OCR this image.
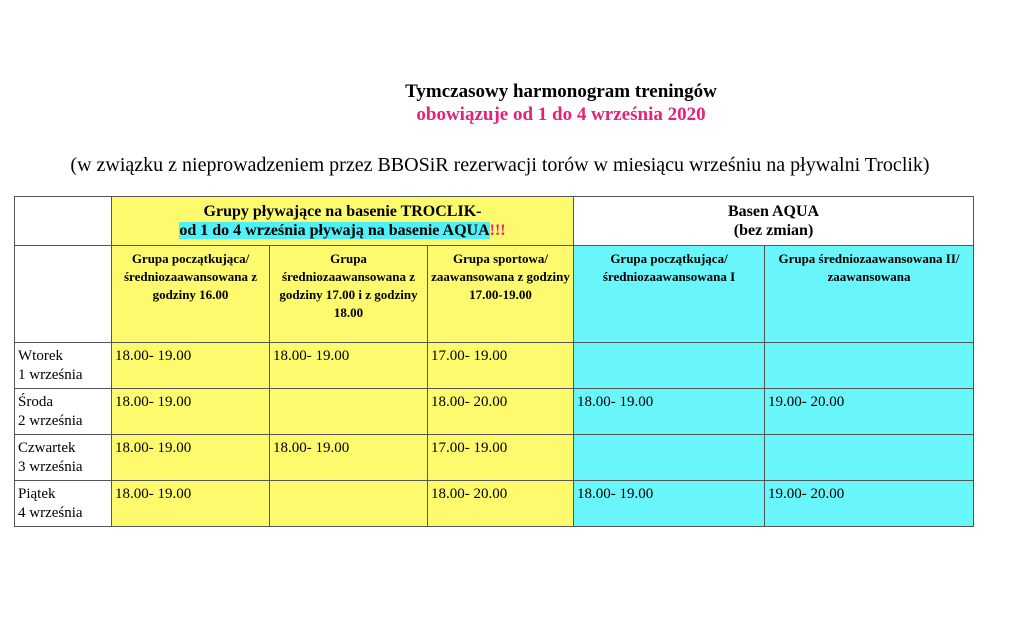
Tymczasowy harmonogram treningów
obowiązuje od 1 do 4 września 2020
(w związku z nieprowadzeniem przez BBOSiR rezerwacji torów w miesiącu wrześniu na pływalni Troclik)
	Grupy pływające na basenie TROCLIK-
od 1 do 4 września pływają na basenie AQUA!!!			Basen AQUA
(bez zmian)	
	Grupa początkująca/ średniozaawansowana z godziny 16.00	Grupa średniozaawansowana z godziny 17.00 i z godziny 18.00	Grupa sportowa/ zaawansowana z godziny 17.00-19.00	Grupa początkująca/ średniozaawansowana I	Grupa średniozaawansowana II/ zaawansowana
Wtorek
1 września	18.00- 19.00	18.00- 19.00	17.00- 19.00		
Środa
2 września	18.00- 19.00		18.00- 20.00	18.00- 19.00	19.00- 20.00
Czwartek
3 września	18.00- 19.00	18.00- 19.00	17.00- 19.00		
Piątek
4 września	18.00- 19.00		18.00- 20.00	18.00- 19.00	19.00- 20.00
